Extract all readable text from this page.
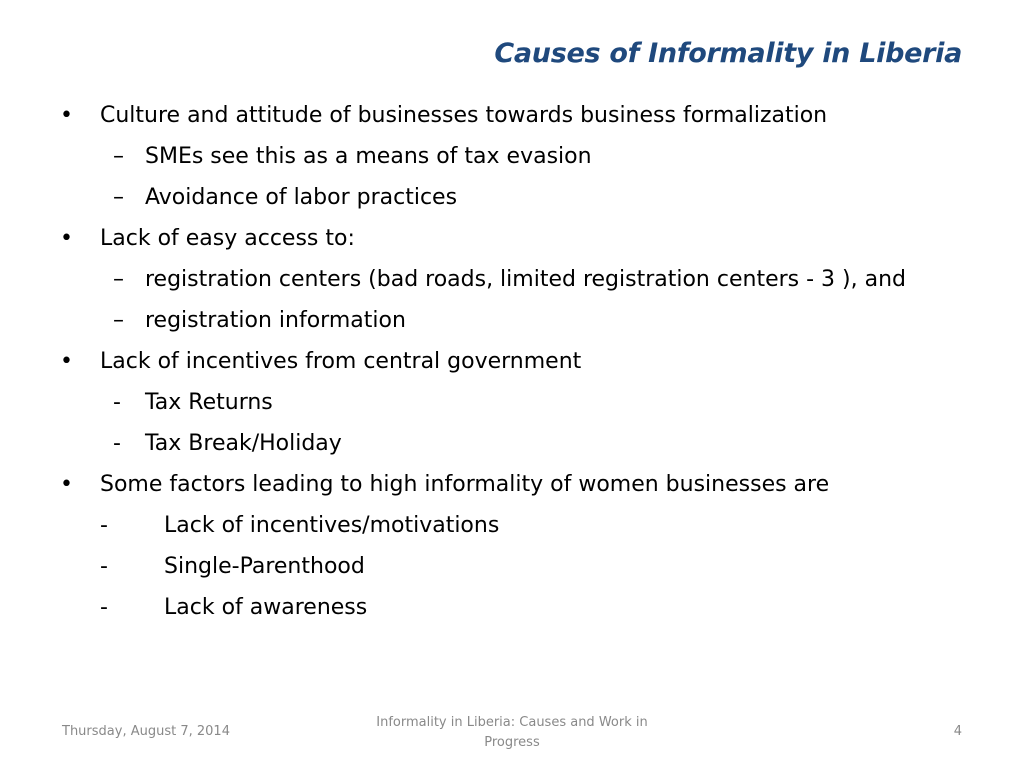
Causes of Informality in Liberia
• Culture and attitude of businesses towards business formalization
– SMEs see this as a means of tax evasion
– Avoidance of labor practices
• Lack of easy access to:
– registration centers (bad roads, limited registration centers - 3 ), and
– registration information
• Lack of incentives from central government
- Tax Returns
- Tax Break/Holiday
• Some factors leading to high informality of women businesses are
-	Lack of incentives/motivations
-	Single-Parenthood
-	Lack of awareness
Thursday, August 7, 2014
Informality in Liberia: Causes and Work in
Progress
4
